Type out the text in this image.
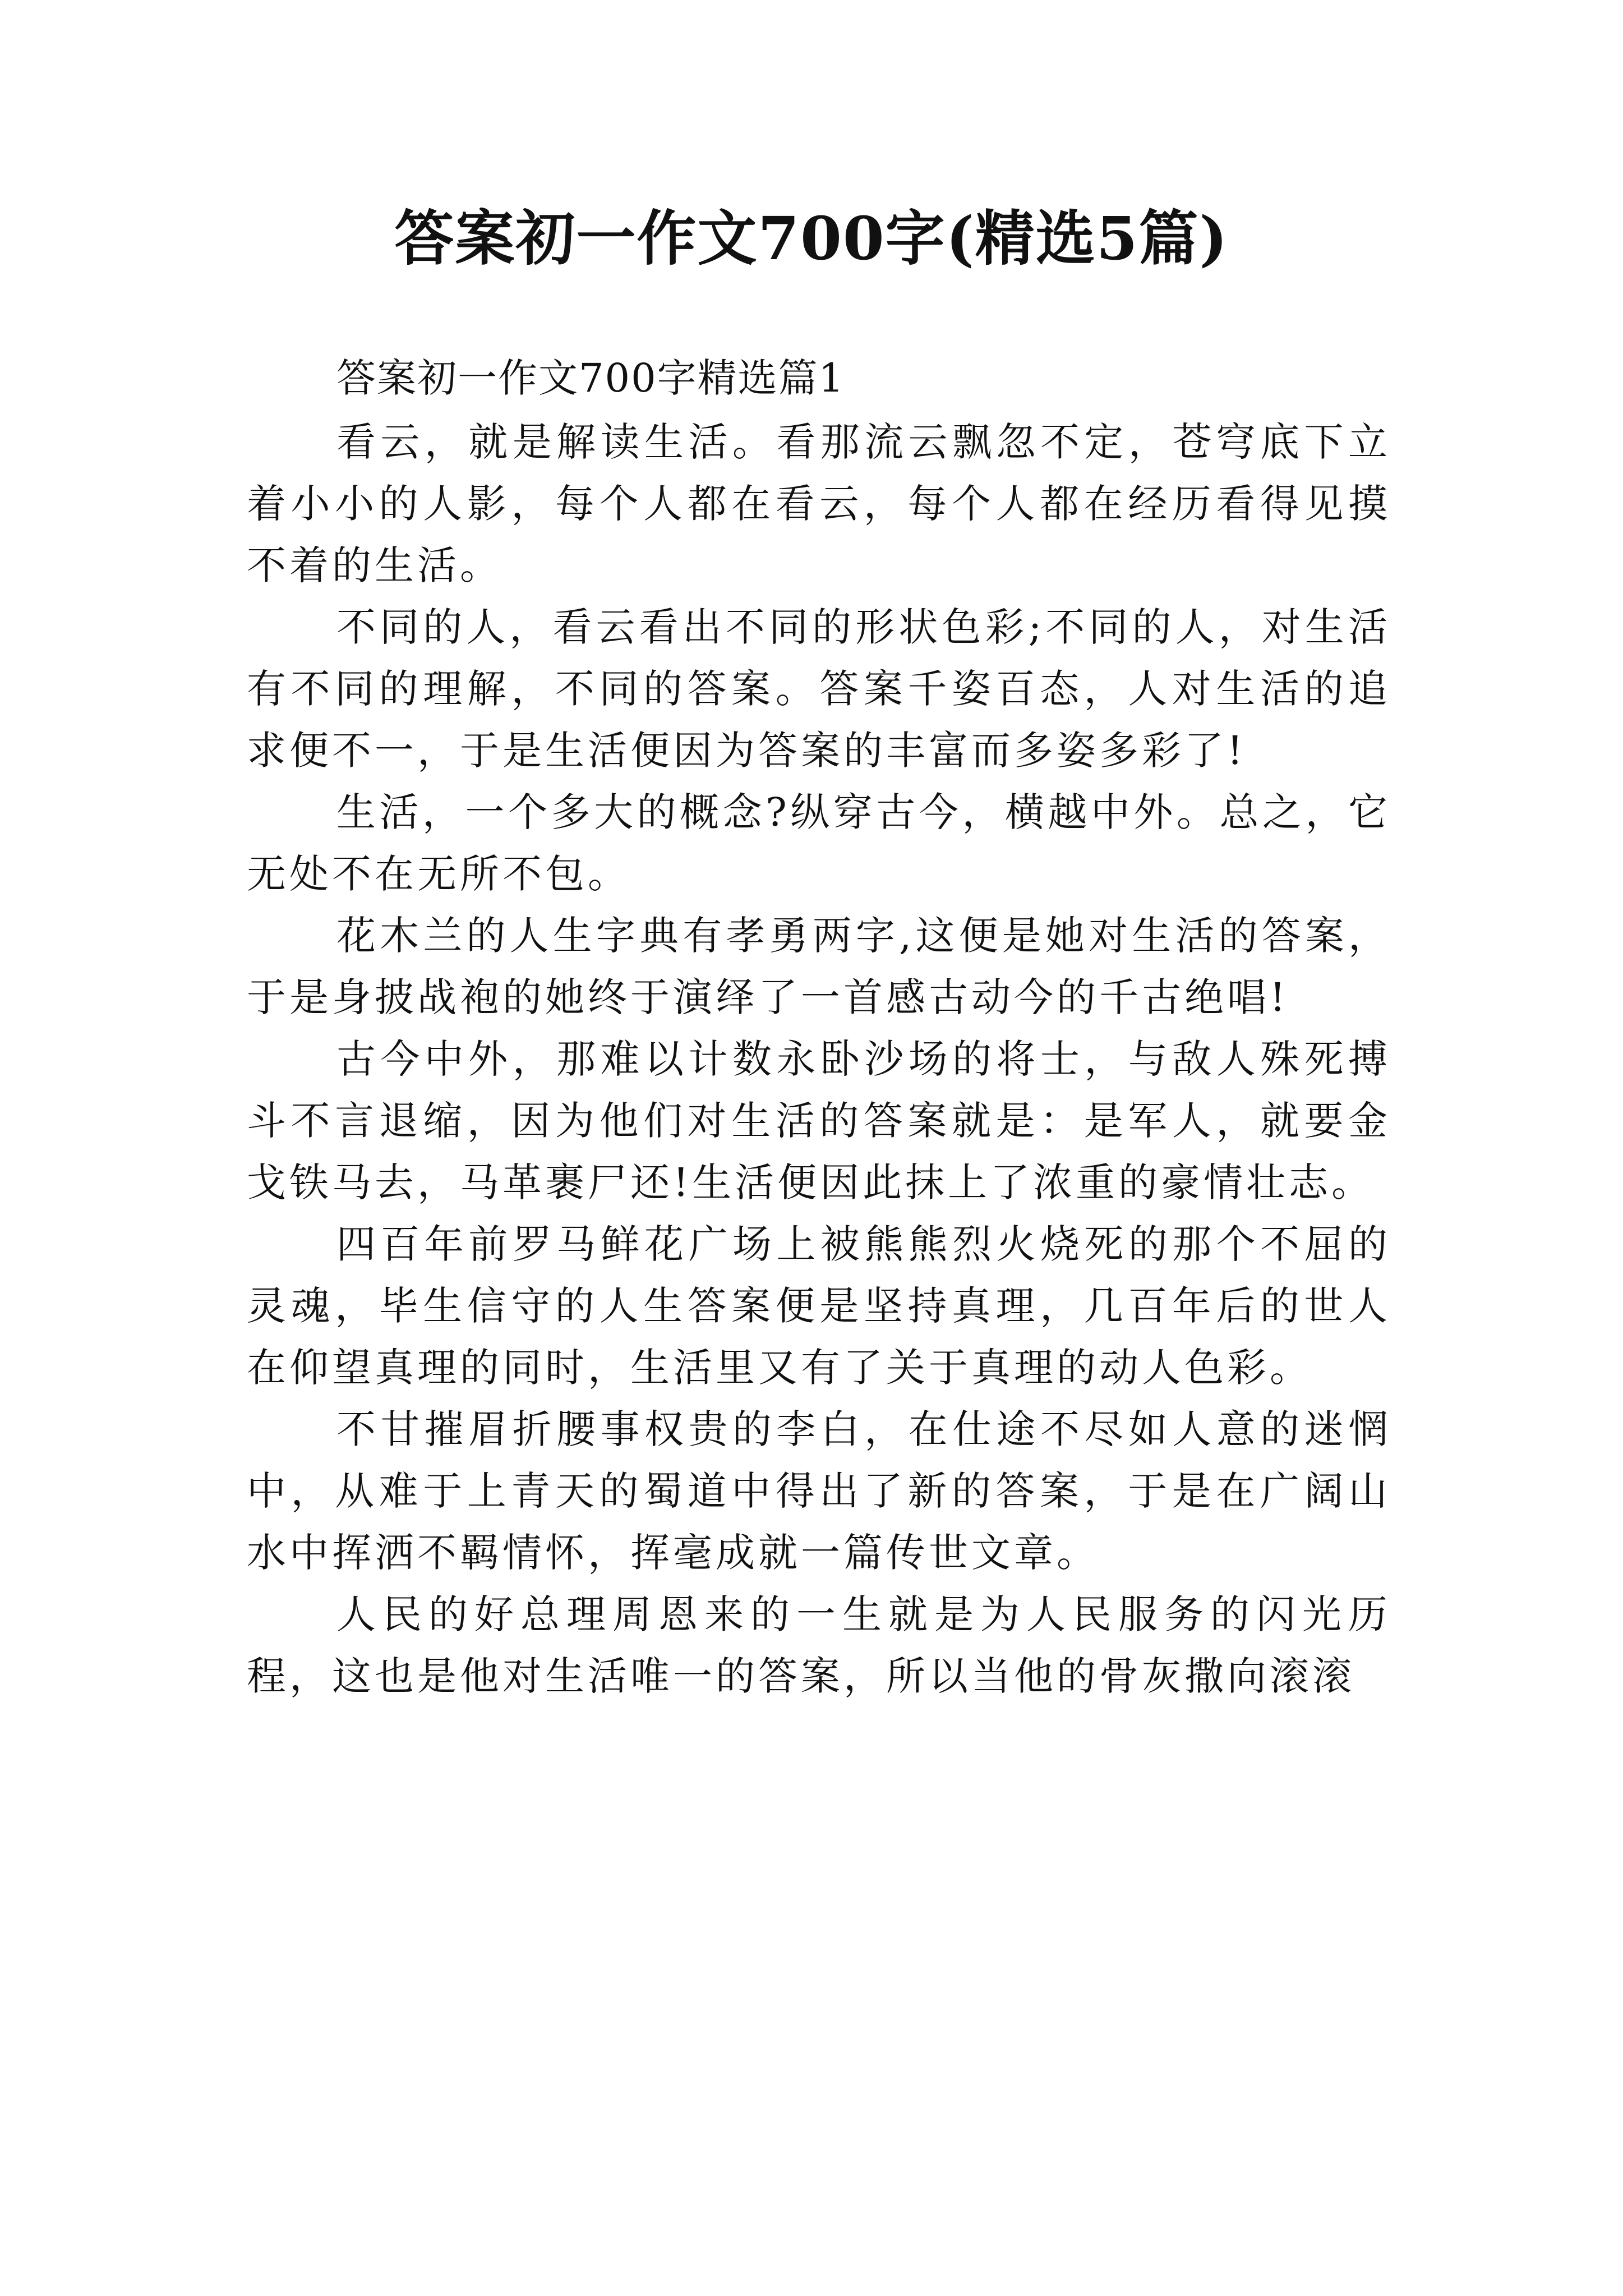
答案初一作文700字(精选5篇)

答案初一作文700字精选篇1

看云，就是解读生活。看那流云飘忽不定，苍穹底下立着小小的人影，每个人都在看云，每个人都在经历看得见摸不着的生活。

不同的人，看云看出不同的形状色彩;不同的人，对生活有不同的理解，不同的答案。答案千姿百态，人对生活的追求便不一，于是生活便因为答案的丰富而多姿多彩了!

生活，一个多大的概念?纵穿古今，横越中外。总之，它无处不在无所不包。

花木兰的人生字典有孝勇两字,这便是她对生活的答案，于是身披战袍的她终于演绎了一首感古动今的千古绝唱!

古今中外，那难以计数永卧沙场的将士，与敌人殊死搏斗不言退缩，因为他们对生活的答案就是：是军人，就要金戈铁马去，马革裹尸还!生活便因此抹上了浓重的豪情壮志。

四百年前罗马鲜花广场上被熊熊烈火烧死的那个不屈的灵魂，毕生信守的人生答案便是坚持真理，几百年后的世人在仰望真理的同时，生活里又有了关于真理的动人色彩。

不甘摧眉折腰事权贵的李白，在仕途不尽如人意的迷惘中，从难于上青天的蜀道中得出了新的答案，于是在广阔山水中挥洒不羁情怀，挥毫成就一篇传世文章。

人民的好总理周恩来的一生就是为人民服务的闪光历程，这也是他对生活唯一的答案，所以当他的骨灰撒向滚滚
